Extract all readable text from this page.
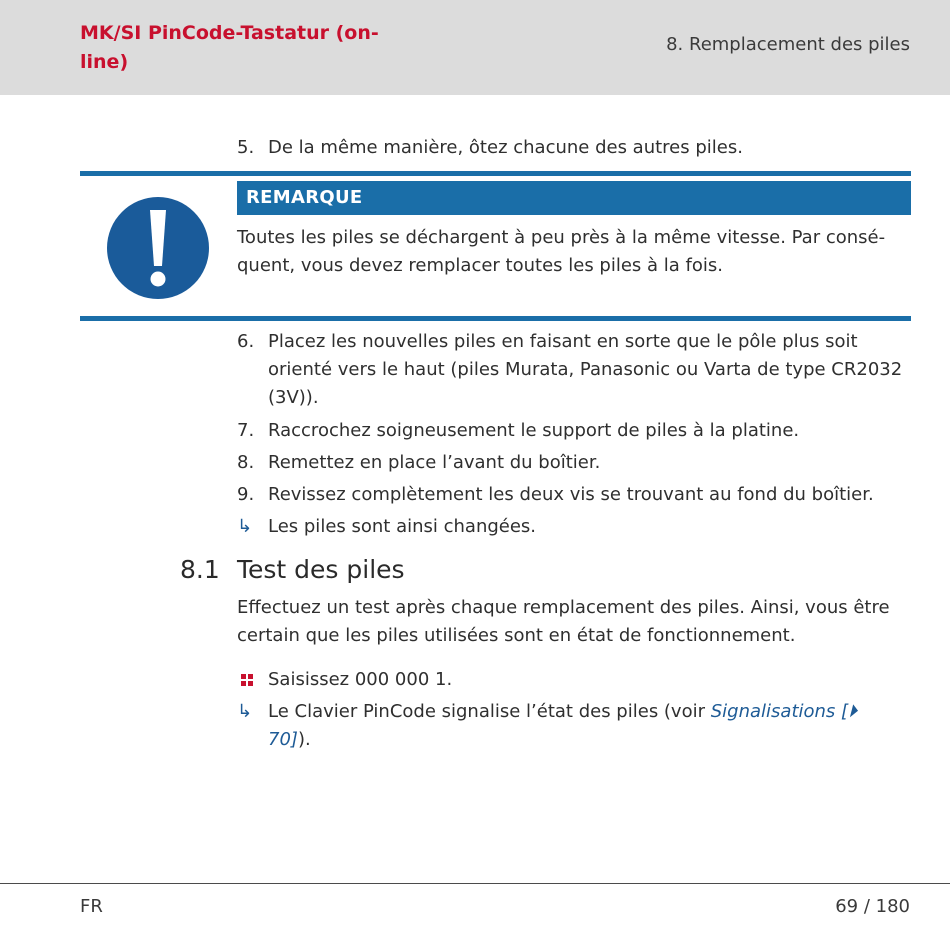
MK/SI PinCode-Tastatur (on-line)
8. Remplacement des piles
5. De la même manière, ôtez chacune des autres piles.
REMARQUE
Toutes les piles se déchargent à peu près à la même vitesse. Par consé-quent, vous devez remplacer toutes les piles à la fois.
6. Placez les nouvelles piles en faisant en sorte que le pôle plus soit orienté vers le haut (piles Murata, Panasonic ou Varta de type CR2032 (3V)).
7. Raccrochez soigneusement le support de piles à la platine.
8. Remettez en place l’avant du boîtier.
9. Revissez complètement les deux vis se trouvant au fond du boîtier.
↳ Les piles sont ainsi changées.
8.1 Test des piles
Effectuez un test après chaque remplacement des piles. Ainsi, vous être certain que les piles utilisées sont en état de fonctionnement.
Saisissez 000 000 1.
↳ Le Clavier PinCode signalise l’état des piles (voir Signalisations [⏵ 70]).
FR	69 / 180
